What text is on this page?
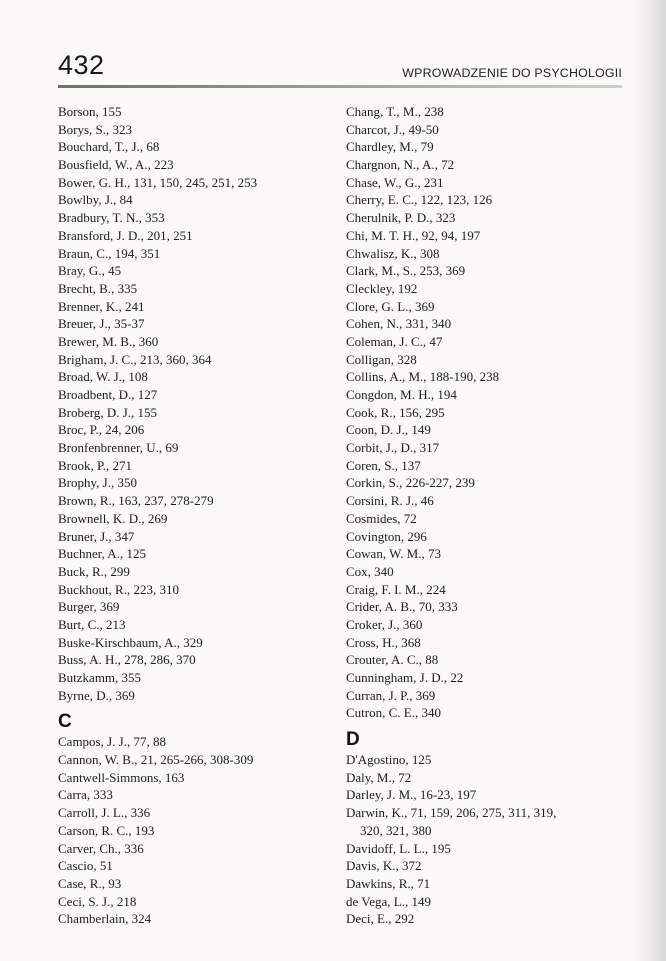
432	WPROWADZENIE DO PSYCHOLOGII
Borson, 155
Borys, S., 323
Bouchard, T., J., 68
Bousfield, W., A., 223
Bower, G. H., 131, 150, 245, 251, 253
Bowlby, J., 84
Bradbury, T. N., 353
Bransford, J. D., 201, 251
Braun, C., 194, 351
Bray, G., 45
Brecht, B., 335
Brenner, K., 241
Breuer, J., 35-37
Brewer, M. B., 360
Brigham, J. C., 213, 360, 364
Broad, W. J., 108
Broadbent, D., 127
Broberg, D. J., 155
Broc, P., 24, 206
Bronfenbrenner, U., 69
Brook, P., 271
Brophy, J., 350
Brown, R., 163, 237, 278-279
Brownell, K. D., 269
Bruner, J., 347
Buchner, A., 125
Buck, R., 299
Buckhout, R., 223, 310
Burger, 369
Burt, C., 213
Buske-Kirschbaum, A., 329
Buss, A. H., 278, 286, 370
Butzkamm, 355
Byrne, D., 369
C
Campos, J. J., 77, 88
Cannon, W. B., 21, 265-266, 308-309
Cantwell-Simmons, 163
Carra, 333
Carroll, J. L., 336
Carson, R. C., 193
Carver, Ch., 336
Cascio, 51
Case, R., 93
Ceci, S. J., 218
Chamberlain, 324
Chang, T., M., 238
Charcot, J., 49-50
Chardley, M., 79
Chargnon, N., A., 72
Chase, W., G., 231
Cherry, E. C., 122, 123, 126
Cherulnik, P. D., 323
Chi, M. T. H., 92, 94, 197
Chwalisz, K., 308
Clark, M., S., 253, 369
Cleckley, 192
Clore, G. L., 369
Cohen, N., 331, 340
Coleman, J. C., 47
Colligan, 328
Collins, A., M., 188-190, 238
Congdon, M. H., 194
Cook, R., 156, 295
Coon, D. J., 149
Corbit, J., D., 317
Coren, S., 137
Corkin, S., 226-227, 239
Corsini, R. J., 46
Cosmides, 72
Covington, 296
Cowan, W. M., 73
Cox, 340
Craig, F. I. M., 224
Crider, A. B., 70, 333
Croker, J., 360
Cross, H., 368
Crouter, A. C., 88
Cunningham, J. D., 22
Curran, J. P., 369
Cutron, C. E., 340
D
D'Agostino, 125
Daly, M., 72
Darley, J. M., 16-23, 197
Darwin, K., 71, 159, 206, 275, 311, 319,
320, 321, 380
Davidoff, L. L., 195
Davis, K., 372
Dawkins, R., 71
de Vega, L., 149
Deci, E., 292
